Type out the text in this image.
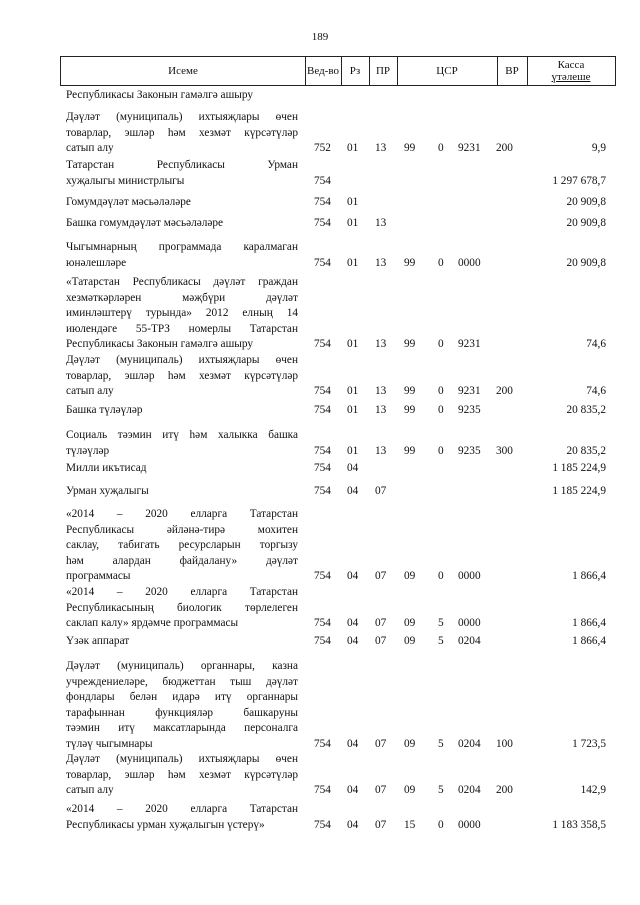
189
Исеме	Вед-во Рз	ПР	ЦСР	ВР	Касса
үтәлеше
Республикасы Законын гамәлгә ашыру
Дәүләт (муниципаль) ихтыяҗлары өчен
товарлар, эшләр һәм хезмәт күрсәтүләр
сатып алу	752 01 13 99 0 9231 200	9,9
Татарстан Республикасы Урман
хуҗалыгы министрлыгы	754	1 297 678,7
Гомумдәүләт мәсьәләләре	754 01	20 909,8
Башка гомумдәүләт мәсьәләләре	754 01 13	20 909,8
Чыгымнарның программада каралмаган
юнәлешләре	754 01 13 99 0 0000	20 909,8
«Татарстан Республикасы дәүләт граждан
хезмәткәрләрен мәҗбүри дәүләт
иминләштерү турында» 2012 елның 14
июлендәге 55-ТРЗ номерлы Татарстан
Республикасы Законын гамәлгә ашыру	754 01 13 99 0 9231	74,6
Дәүләт (муниципаль) ихтыяҗлары өчен
товарлар, эшләр һәм хезмәт күрсәтүләр
сатып алу	754 01 13 99 0 9231 200	74,6
Башка түләүләр	754 01 13 99 0 9235	20 835,2
Социаль тәэмин итү һәм халыкка башка
түләүләр	754 01 13 99 0 9235 300	20 835,2
Милли икътисад	754 04	1 185 224,9
Урман хуҗалыгы	754 04 07	1 185 224,9
«2014 – 2020 елларга Татарстан
Республикасы әйләнә-тирә мохитен
саклау, табигать ресурсларын торгызу
һәм алардан файдалану» дәүләт
программасы	754 04 07 09 0 0000	1 866,4
«2014 – 2020 елларга Татарстан
Республикасының биологик төрлелеген
саклап калу» ярдәмче программасы	754 04 07 09 5 0000	1 866,4
Үзәк аппарат	754 04 07 09 5 0204	1 866,4
Дәүләт (муниципаль) органнары, казна
учреждениеләре, бюджеттан тыш дәүләт
фондлары белән идарә итү органнары
тарафыннан функцияләр башкаруны
тәэмин итү максатларында персоналга
түләү чыгымнары	754 04 07 09 5 0204 100	1 723,5
Дәүләт (муниципаль) ихтыяҗлары өчен
товарлар, эшләр һәм хезмәт күрсәтүләр
сатып алу	754 04 07 09 5 0204 200	142,9
«2014 – 2020 елларга Татарстан
Республикасы урман хуҗалыгын үстерү»	754 04 07 15 0 0000	1 183 358,5
